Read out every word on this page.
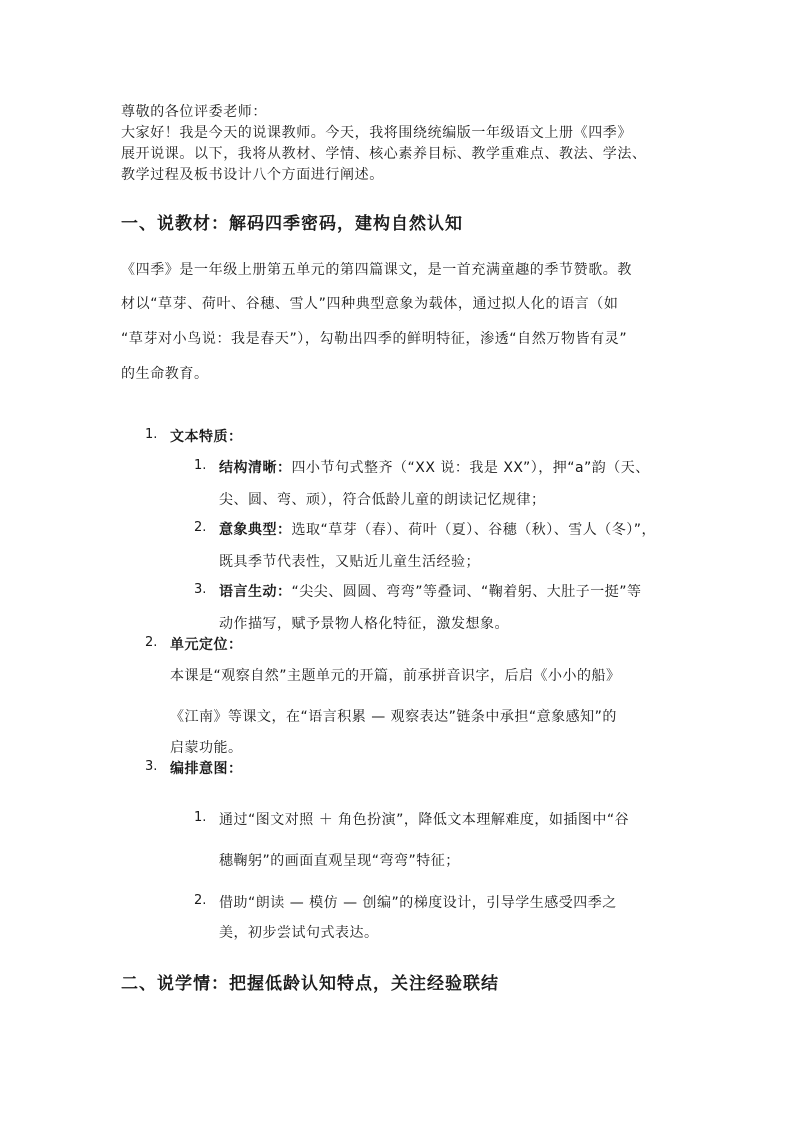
尊敬的各位评委老师：

大家好！我是今天的说课教师。今天，我将围绕统编版一年级语文上册《四季》

展开说课。以下，我将从教材、学情、核心素养目标、教学重难点、教法、学法、

教学过程及板书设计八个方面进行阐述。

一、说教材：解码四季密码，建构自然认知

《四季》是一年级上册第五单元的第四篇课文，是一首充满童趣的季节赞歌。教

材以“草芽、荷叶、谷穗、雪人”四种典型意象为载体，通过拟人化的语言（如

“草芽对小鸟说：我是春天”），勾勒出四季的鲜明特征，渗透“自然万物皆有灵”

的生命教育。

1. 文本特质：
1. 结构清晰：四小节句式整齐（“XX 说：我是 XX”），押“a”韵（天、

尖、圆、弯、顽），符合低龄儿童的朗读记忆规律；

2. 意象典型：选取“草芽（春）、荷叶（夏）、谷穗（秋）、雪人（冬）”，

既具季节代表性，又贴近儿童生活经验；

3. 语言生动：“尖尖、圆圆、弯弯”等叠词、“鞠着躬、大肚子一挺”等

动作描写，赋予景物人格化特征，激发想象。

2. 单元定位：

本课是“观察自然”主题单元的开篇，前承拼音识字，后启《小小的船》

《江南》等课文，在“语言积累 — 观察表达”链条中承担“意象感知”的

启蒙功能。

3. 编排意图：
1. 通过“图文对照 ＋ 角色扮演”，降低文本理解难度，如插图中“谷

穗鞠躬”的画面直观呈现“弯弯”特征；

2. 借助“朗读 — 模仿 — 创编”的梯度设计，引导学生感受四季之

美，初步尝试句式表达。

二、说学情：把握低龄认知特点，关注经验联结
